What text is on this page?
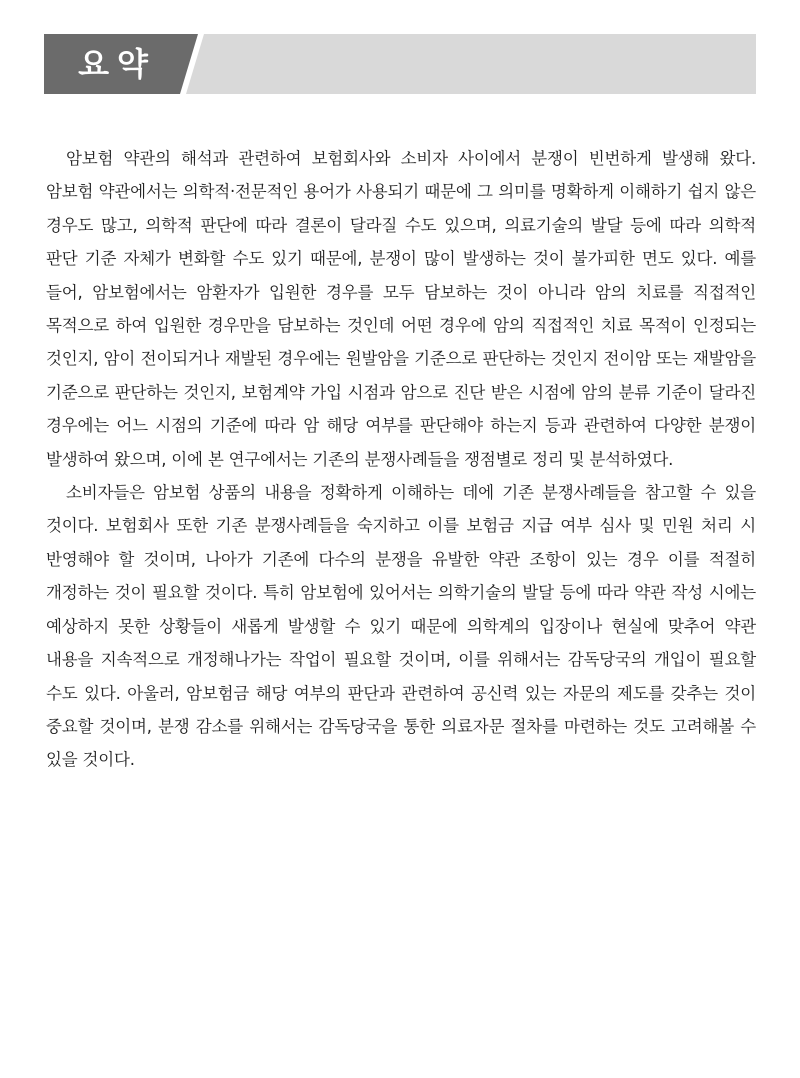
요약

암보험 약관의 해석과 관련하여 보험회사와 소비자 사이에서 분쟁이 빈번하게 발생해 왔다. 암보험 약관에서는 의학적·전문적인 용어가 사용되기 때문에 그 의미를 명확하게 이해하기 쉽지 않은 경우도 많고, 의학적 판단에 따라 결론이 달라질 수도 있으며, 의료기술의 발달 등에 따라 의학적 판단 기준 자체가 변화할 수도 있기 때문에, 분쟁이 많이 발생하는 것이 불가피한 면도 있다. 예를 들어, 암보험에서는 암환자가 입원한 경우를 모두 담보하는 것이 아니라 암의 치료를 직접적인 목적으로 하여 입원한 경우만을 담보하는 것인데 어떤 경우에 암의 직접적인 치료 목적이 인정되는 것인지, 암이 전이되거나 재발된 경우에는 원발암을 기준으로 판단하는 것인지 전이암 또는 재발암을 기준으로 판단하는 것인지, 보험계약 가입 시점과 암으로 진단 받은 시점에 암의 분류 기준이 달라진 경우에는 어느 시점의 기준에 따라 암 해당 여부를 판단해야 하는지 등과 관련하여 다양한 분쟁이 발생하여 왔으며, 이에 본 연구에서는 기존의 분쟁사례들을 쟁점별로 정리 및 분석하였다.

소비자들은 암보험 상품의 내용을 정확하게 이해하는 데에 기존 분쟁사례들을 참고할 수 있을 것이다. 보험회사 또한 기존 분쟁사례들을 숙지하고 이를 보험금 지급 여부 심사 및 민원 처리 시 반영해야 할 것이며, 나아가 기존에 다수의 분쟁을 유발한 약관 조항이 있는 경우 이를 적절히 개정하는 것이 필요할 것이다. 특히 암보험에 있어서는 의학기술의 발달 등에 따라 약관 작성 시에는 예상하지 못한 상황들이 새롭게 발생할 수 있기 때문에 의학계의 입장이나 현실에 맞추어 약관 내용을 지속적으로 개정해나가는 작업이 필요할 것이며, 이를 위해서는 감독당국의 개입이 필요할 수도 있다. 아울러, 암보험금 해당 여부의 판단과 관련하여 공신력 있는 자문의 제도를 갖추는 것이 중요할 것이며, 분쟁 감소를 위해서는 감독당국을 통한 의료자문 절차를 마련하는 것도 고려해볼 수 있을 것이다.
